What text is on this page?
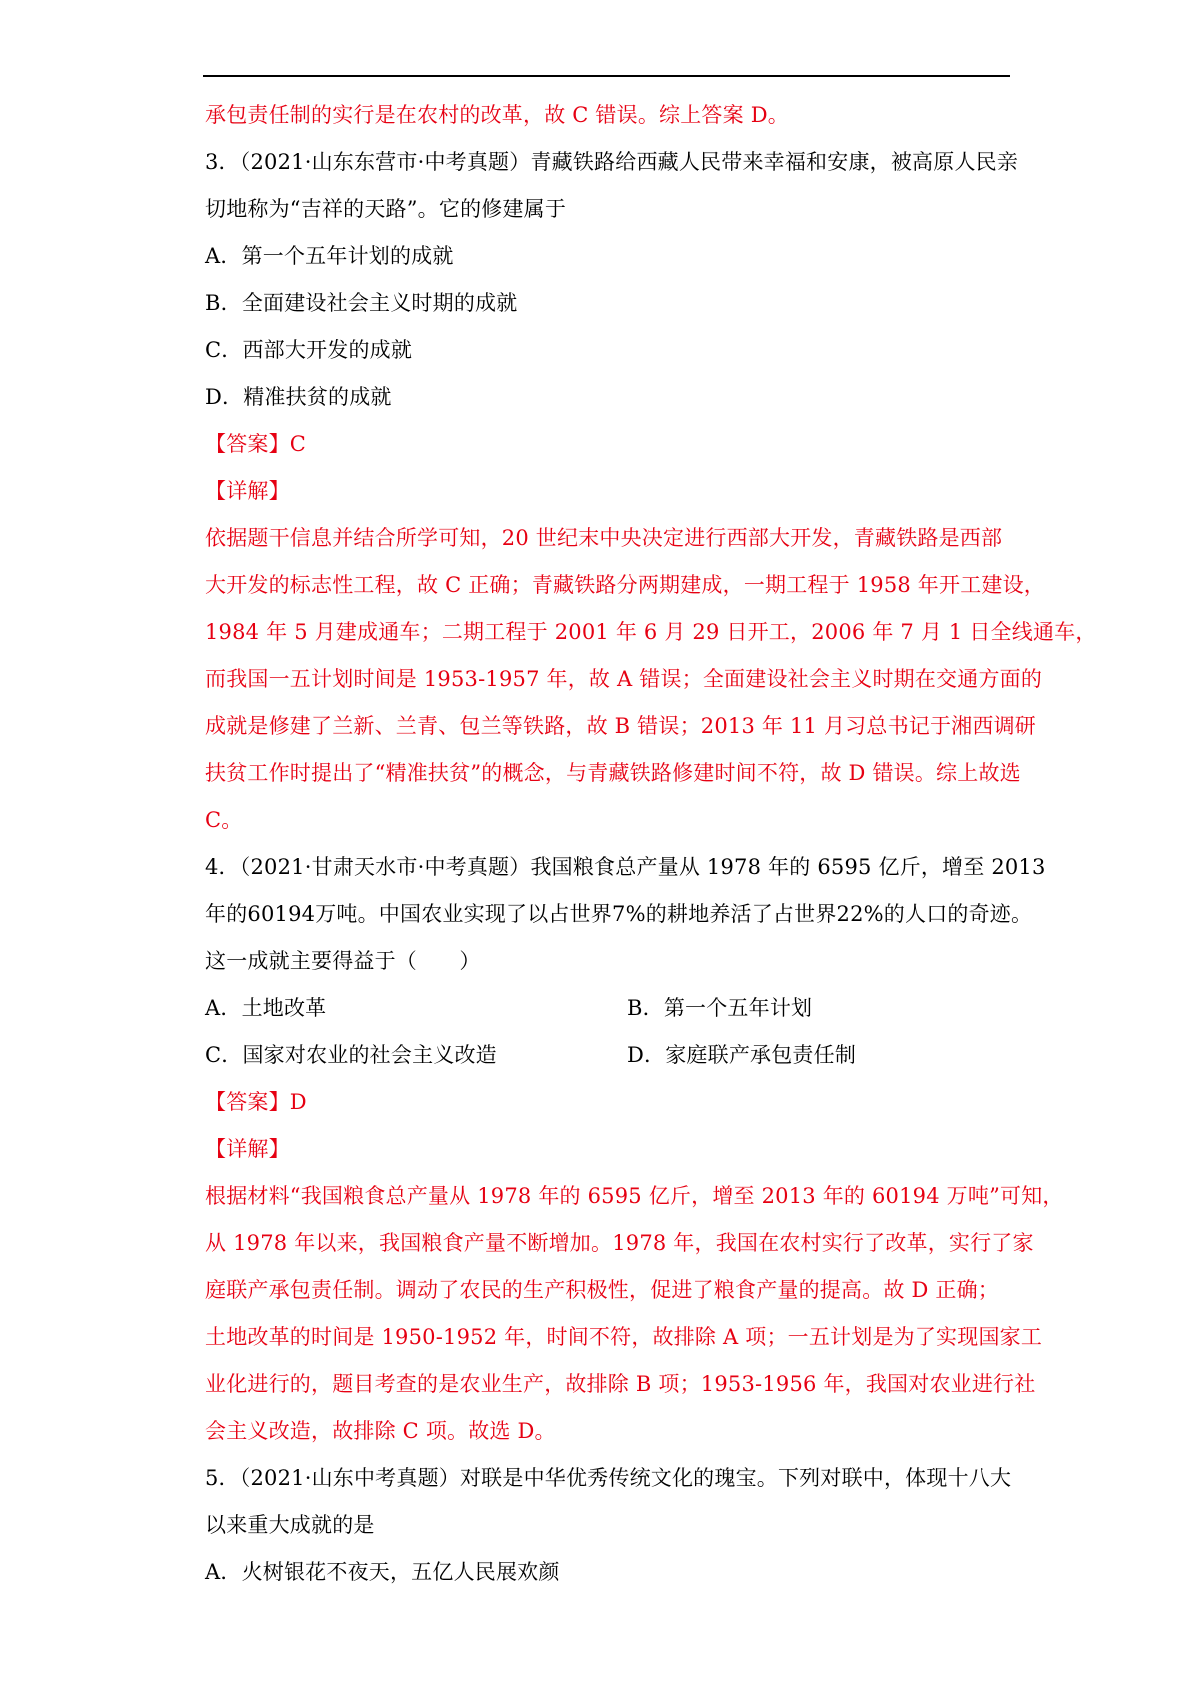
承包责任制的实行是在农村的改革，故 C 错误。综上答案 D。
3．（2021·山东东营市·中考真题）青藏铁路给西藏人民带来幸福和安康，被高原人民亲
切地称为“吉祥的天路”。它的修建属于
A．第一个五年计划的成就
B．全面建设社会主义时期的成就
C．西部大开发的成就
D．精准扶贫的成就
【答案】C
【详解】
依据题干信息并结合所学可知，20 世纪末中央决定进行西部大开发，青藏铁路是西部
大开发的标志性工程，故 C 正确；青藏铁路分两期建成，一期工程于 1958 年开工建设，
1984 年 5 月建成通车；二期工程于 2001 年 6 月 29 日开工，2006 年 7 月 1 日全线通车，
而我国一五计划时间是 1953-1957 年，故 A 错误；全面建设社会主义时期在交通方面的
成就是修建了兰新、兰青、包兰等铁路，故 B 错误；2013 年 11 月习总书记于湘西调研
扶贫工作时提出了“精准扶贫”的概念，与青藏铁路修建时间不符，故 D 错误。综上故选
C。
4．（2021·甘肃天水市·中考真题）我国粮食总产量从 1978 年的 6595 亿斤，增至 2013
年的60194万吨。中国农业实现了以占世界7%的耕地养活了占世界22%的人口的奇迹。
这一成就主要得益于（　　）
A．土地改革	B．第一个五年计划
C．国家对农业的社会主义改造	D．家庭联产承包责任制
【答案】D
【详解】
根据材料“我国粮食总产量从 1978 年的 6595 亿斤，增至 2013 年的 60194 万吨”可知，
从 1978 年以来，我国粮食产量不断增加。1978 年，我国在农村实行了改革，实行了家
庭联产承包责任制。调动了农民的生产积极性，促进了粮食产量的提高。故 D 正确；
土地改革的时间是 1950-1952 年，时间不符，故排除 A 项；一五计划是为了实现国家工
业化进行的，题目考查的是农业生产，故排除 B 项；1953-1956 年，我国对农业进行社
会主义改造，故排除 C 项。故选 D。
5．（2021·山东中考真题）对联是中华优秀传统文化的瑰宝。下列对联中，体现十八大
以来重大成就的是
A．火树银花不夜天，五亿人民展欢颜
